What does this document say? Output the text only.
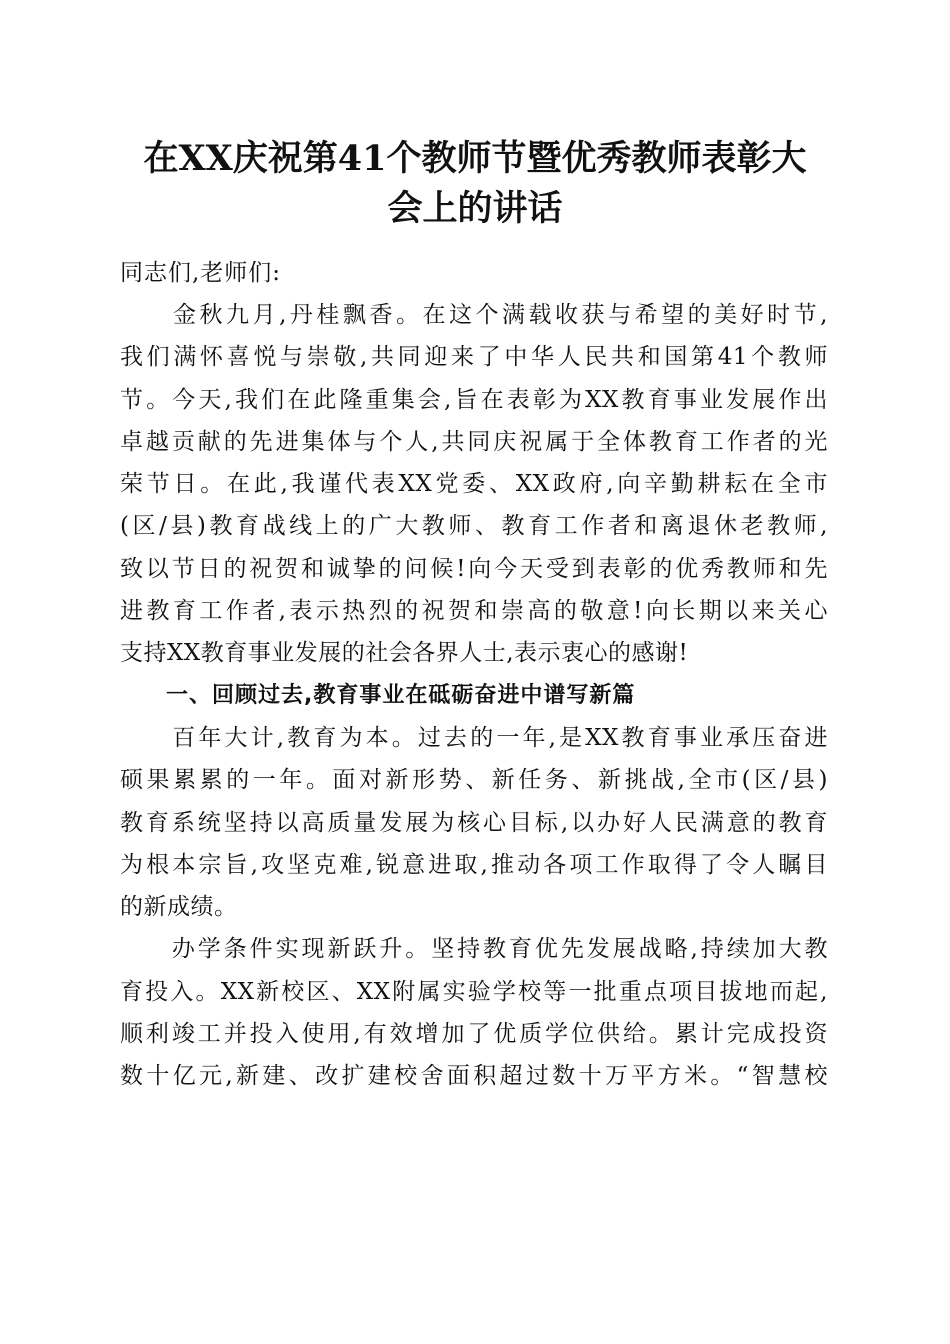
在XX庆祝第41个教师节暨优秀教师表彰大
会上的讲话
同志们,老师们:
　　金秋九月,丹桂飘香。在这个满载收获与希望的美好时节,
我们满怀喜悦与崇敬,共同迎来了中华人民共和国第41个教师
节。今天,我们在此隆重集会,旨在表彰为XX教育事业发展作出
卓越贡献的先进集体与个人,共同庆祝属于全体教育工作者的光
荣节日。在此,我谨代表XX党委、XX政府,向辛勤耕耘在全市
(区/县)教育战线上的广大教师、教育工作者和离退休老教师,
致以节日的祝贺和诚挚的问候!向今天受到表彰的优秀教师和先
进教育工作者,表示热烈的祝贺和崇高的敬意!向长期以来关心
支持XX教育事业发展的社会各界人士,表示衷心的感谢!
一、回顾过去,教育事业在砥砺奋进中谱写新篇
　　百年大计,教育为本。过去的一年,是XX教育事业承压奋进
硕果累累的一年。面对新形势、新任务、新挑战,全市(区/县)
教育系统坚持以高质量发展为核心目标,以办好人民满意的教育
为根本宗旨,攻坚克难,锐意进取,推动各项工作取得了令人瞩目
的新成绩。
　　办学条件实现新跃升。坚持教育优先发展战略,持续加大教
育投入。XX新校区、XX附属实验学校等一批重点项目拔地而起,
顺利竣工并投入使用,有效增加了优质学位供给。累计完成投资
数十亿元,新建、改扩建校舍面积超过数十万平方米。“智慧校
